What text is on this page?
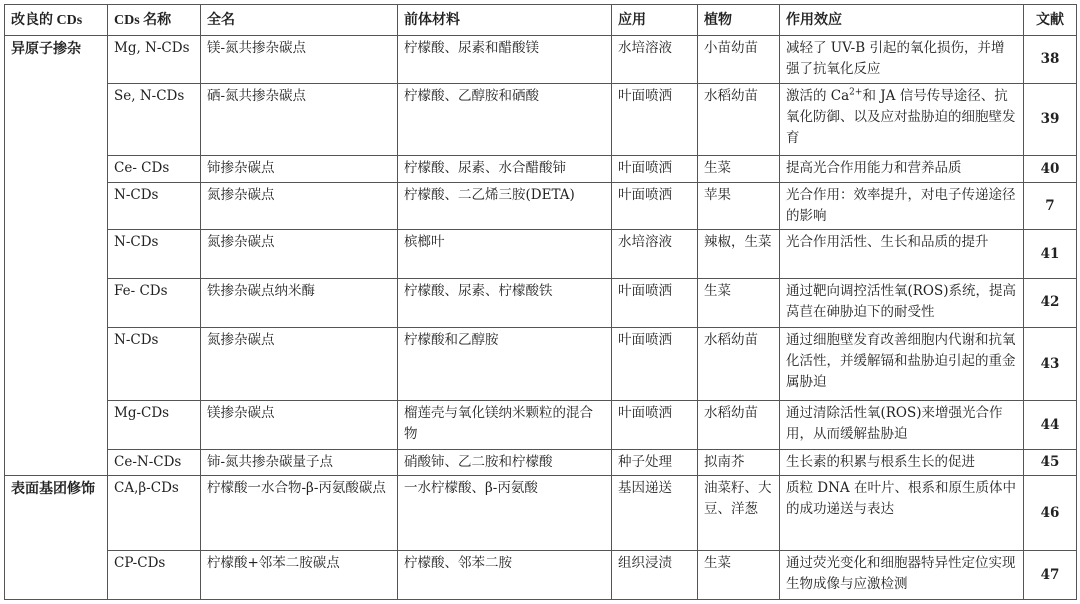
改良的 CDs	CDs 名称	全名	前体材料	应用	植物	作用效应	文献
异原子掺杂	Mg, N-CDs	镁-氮共掺杂碳点	柠檬酸、尿素和醋酸镁	水培溶液	小苗幼苗	减轻了 UV-B 引起的氧化损伤，并增强了抗氧化反应	38
	Se, N-CDs	硒-氮共掺杂碳点	柠檬酸、乙醇胺和硒酸	叶面喷洒	水稻幼苗	激活的 $Ca^{2+}$和 JA 信号传导途径、抗氧化防御、以及应对盐胁迫的细胞壁发育	39
	Ce- CDs	铈掺杂碳点	柠檬酸、尿素、水合醋酸铈	叶面喷洒	生菜	提高光合作用能力和营养品质	40
	N-CDs	氮掺杂碳点	柠檬酸、二乙烯三胺(DETA)	叶面喷洒	苹果	光合作用：效率提升，对电子传递途径的影响	7
	N-CDs	氮掺杂碳点	槟榔叶	水培溶液	辣椒，生菜	光合作用活性、生长和品质的提升	41
	Fe- CDs	铁掺杂碳点纳米酶	柠檬酸、尿素、柠檬酸铁	叶面喷洒	生菜	通过靶向调控活性氧(ROS)系统，提高莴苣在砷胁迫下的耐受性	42
	N-CDs	氮掺杂碳点	柠檬酸和乙醇胺	叶面喷洒	水稻幼苗	通过细胞壁发育改善细胞内代谢和抗氧化活性，并缓解镉和盐胁迫引起的重金属胁迫	43
	Mg-CDs	镁掺杂碳点	榴莲壳与氧化镁纳米颗粒的混合物	叶面喷洒	水稻幼苗	通过清除活性氧(ROS)来增强光合作用，从而缓解盐胁迫	44
	Ce-N-CDs	铈-氮共掺杂碳量子点	硝酸铈、乙二胺和柠檬酸	种子处理	拟南芥	生长素的积累与根系生长的促进	45
表面基团修饰	CA,β-CDs	柠檬酸一水合物-β-丙氨酸碳点	一水柠檬酸、β-丙氨酸	基因递送	油菜籽、大豆、洋葱	质粒 DNA 在叶片、根系和原生质体中的成功递送与表达	46
	CP-CDs	柠檬酸+邻苯二胺碳点	柠檬酸、邻苯二胺	组织浸渍	生菜	通过荧光变化和细胞器特异性定位实现生物成像与应激检测	47
